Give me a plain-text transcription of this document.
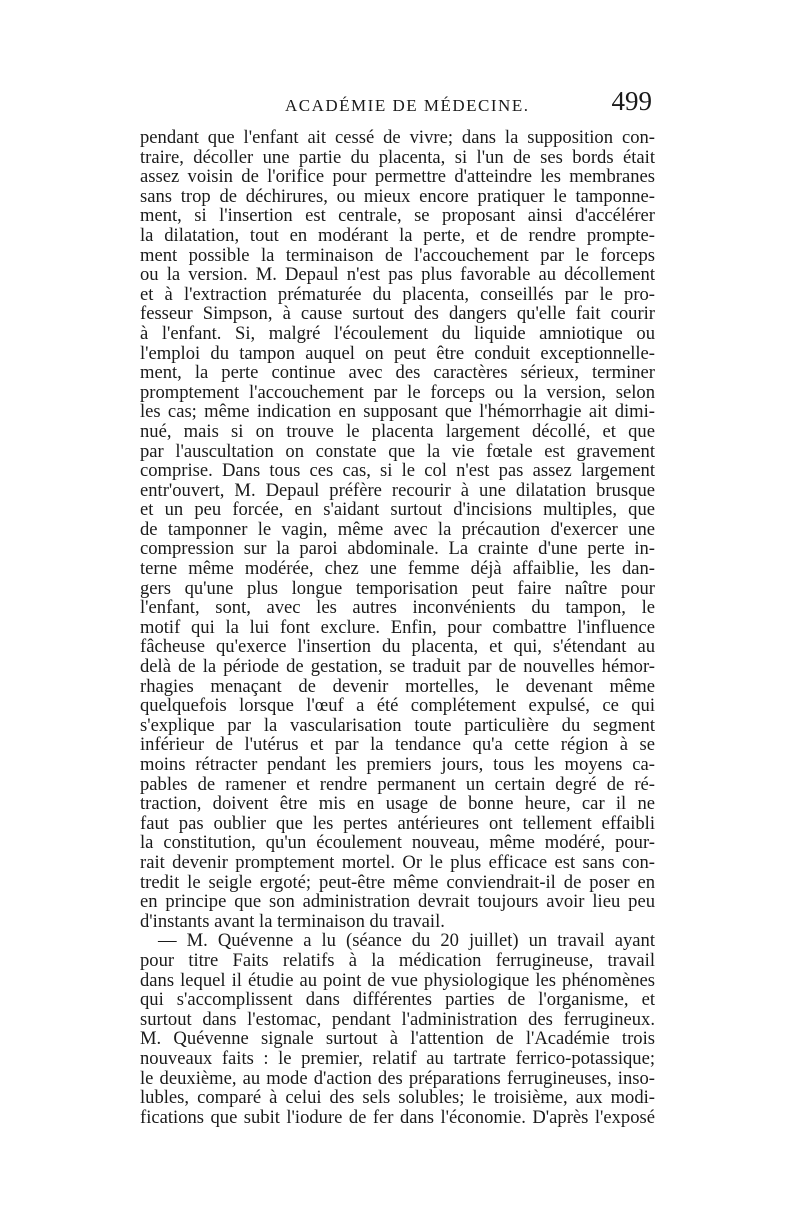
ACADÉMIE DE MÉDECINE.	499
pendant que l'enfant ait cessé de vivre; dans la supposition con-
traire, décoller une partie du placenta, si l'un de ses bords était
assez voisin de l'orifice pour permettre d'atteindre les membranes
sans trop de déchirures, ou mieux encore pratiquer le tamponne-
ment, si l'insertion est centrale, se proposant ainsi d'accélérer
la dilatation, tout en modérant la perte, et de rendre prompte-
ment possible la terminaison de l'accouchement par le forceps
ou la version. M. Depaul n'est pas plus favorable au décollement
et à l'extraction prématurée du placenta, conseillés par le pro-
fesseur Simpson, à cause surtout des dangers qu'elle fait courir
à l'enfant. Si, malgré l'écoulement du liquide amniotique ou
l'emploi du tampon auquel on peut être conduit exceptionnelle-
ment, la perte continue avec des caractères sérieux, terminer
promptement l'accouchement par le forceps ou la version, selon
les cas; même indication en supposant que l'hémorrhagie ait dimi-
nué, mais si on trouve le placenta largement décollé, et que
par l'auscultation on constate que la vie fœtale est gravement
comprise. Dans tous ces cas, si le col n'est pas assez largement
entr'ouvert, M. Depaul préfère recourir à une dilatation brusque
et un peu forcée, en s'aidant surtout d'incisions multiples, que
de tamponner le vagin, même avec la précaution d'exercer une
compression sur la paroi abdominale. La crainte d'une perte in-
terne même modérée, chez une femme déjà affaiblie, les dan-
gers qu'une plus longue temporisation peut faire naître pour
l'enfant, sont, avec les autres inconvénients du tampon, le
motif qui la lui font exclure. Enfin, pour combattre l'influence
fâcheuse qu'exerce l'insertion du placenta, et qui, s'étendant au
delà de la période de gestation, se traduit par de nouvelles hémor-
rhagies menaçant de devenir mortelles, le devenant même
quelquefois lorsque l'œuf a été complétement expulsé, ce qui
s'explique par la vascularisation toute particulière du segment
inférieur de l'utérus et par la tendance qu'a cette région à se
moins rétracter pendant les premiers jours, tous les moyens ca-
pables de ramener et rendre permanent un certain degré de ré-
traction, doivent être mis en usage de bonne heure, car il ne
faut pas oublier que les pertes antérieures ont tellement effaibli
la constitution, qu'un écoulement nouveau, même modéré, pour-
rait devenir promptement mortel. Or le plus efficace est sans con-
tredit le seigle ergoté; peut-être même conviendrait-il de poser en
en principe que son administration devrait toujours avoir lieu peu
d'instants avant la terminaison du travail.
— M. Quévenne a lu (séance du 20 juillet) un travail ayant
pour titre Faits relatifs à la médication ferrugineuse, travail
dans lequel il étudie au point de vue physiologique les phénomènes
qui s'accomplissent dans différentes parties de l'organisme, et
surtout dans l'estomac, pendant l'administration des ferrugineux.
M. Quévenne signale surtout à l'attention de l'Académie trois
nouveaux faits : le premier, relatif au tartrate ferrico-potassique;
le deuxième, au mode d'action des préparations ferrugineuses, inso-
lubles, comparé à celui des sels solubles; le troisième, aux modi-
fications que subit l'iodure de fer dans l'économie. D'après l'exposé
